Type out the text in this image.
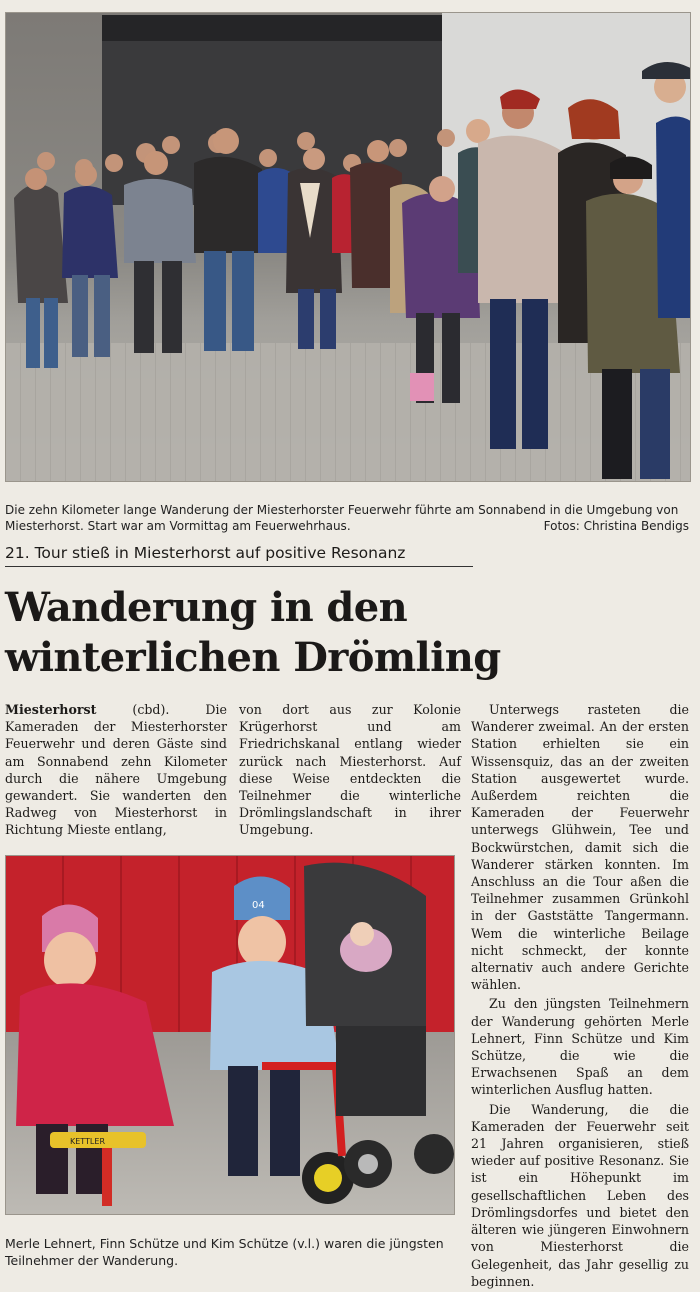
Die zehn Kilometer lange Wanderung der Miesterhorster Feuerwehr führte am Sonnabend in die Umgebung von Miesterhorst. Start war am Vormittag am Feuerwehrhaus.	Fotos: Christina Bendigs
21. Tour stieß in Miesterhorst auf positive Resonanz
Wanderung in den
winterlichen Drömling

Miesterhorst	(cbd). Die Kameraden der Miesterhorster Feuerwehr und deren Gäste sind am Sonnabend zehn Kilometer durch die nähere Umgebung gewandert. Sie wanderten den Radweg von Miesterhorst in Richtung Mieste entlang,

von dort aus zur Kolonie Krügerhorst und am Friedrichskanal entlang wieder zurück nach Miesterhorst. Auf diese Weise entdeckten die Teilnehmer die winterliche Drömlingslandschaft in ihrer Umgebung.

Unterwegs rasteten die Wanderer zweimal. An der ersten Station erhielten sie ein Wissensquiz, das an der zweiten Station ausgewertet wurde. Außerdem reichten die Kameraden der Feuerwehr unterwegs Glühwein, Tee und Bockwürstchen, damit sich die Wanderer stärken konnten. Im Anschluss an die Tour aßen die Teilnehmer zusammen Grünkohl in der Gaststätte Tangermann. Wem die winterliche Beilage nicht schmeckt, der konnte alternativ auch andere Gerichte wählen.

Zu den jüngsten Teilnehmern der Wanderung gehörten Merle Lehnert, Finn Schütze und Kim Schütze, die wie die Erwachsenen Spaß an dem winterlichen Ausflug hatten.

Die Wanderung, die die Kameraden der Feuerwehr seit 21 Jahren organisieren, stieß wieder auf positive Resonanz. Sie ist ein Höhepunkt im gesellschaftlichen Leben des Drömlingsdorfes und bietet den älteren wie jüngeren Einwohnern von Miesterhorst die Gelegenheit, das Jahr gesellig zu beginnen.

KETTLER
04
Merle Lehnert, Finn Schütze und Kim Schütze (v.l.) waren die jüngsten Teilnehmer der Wanderung.
